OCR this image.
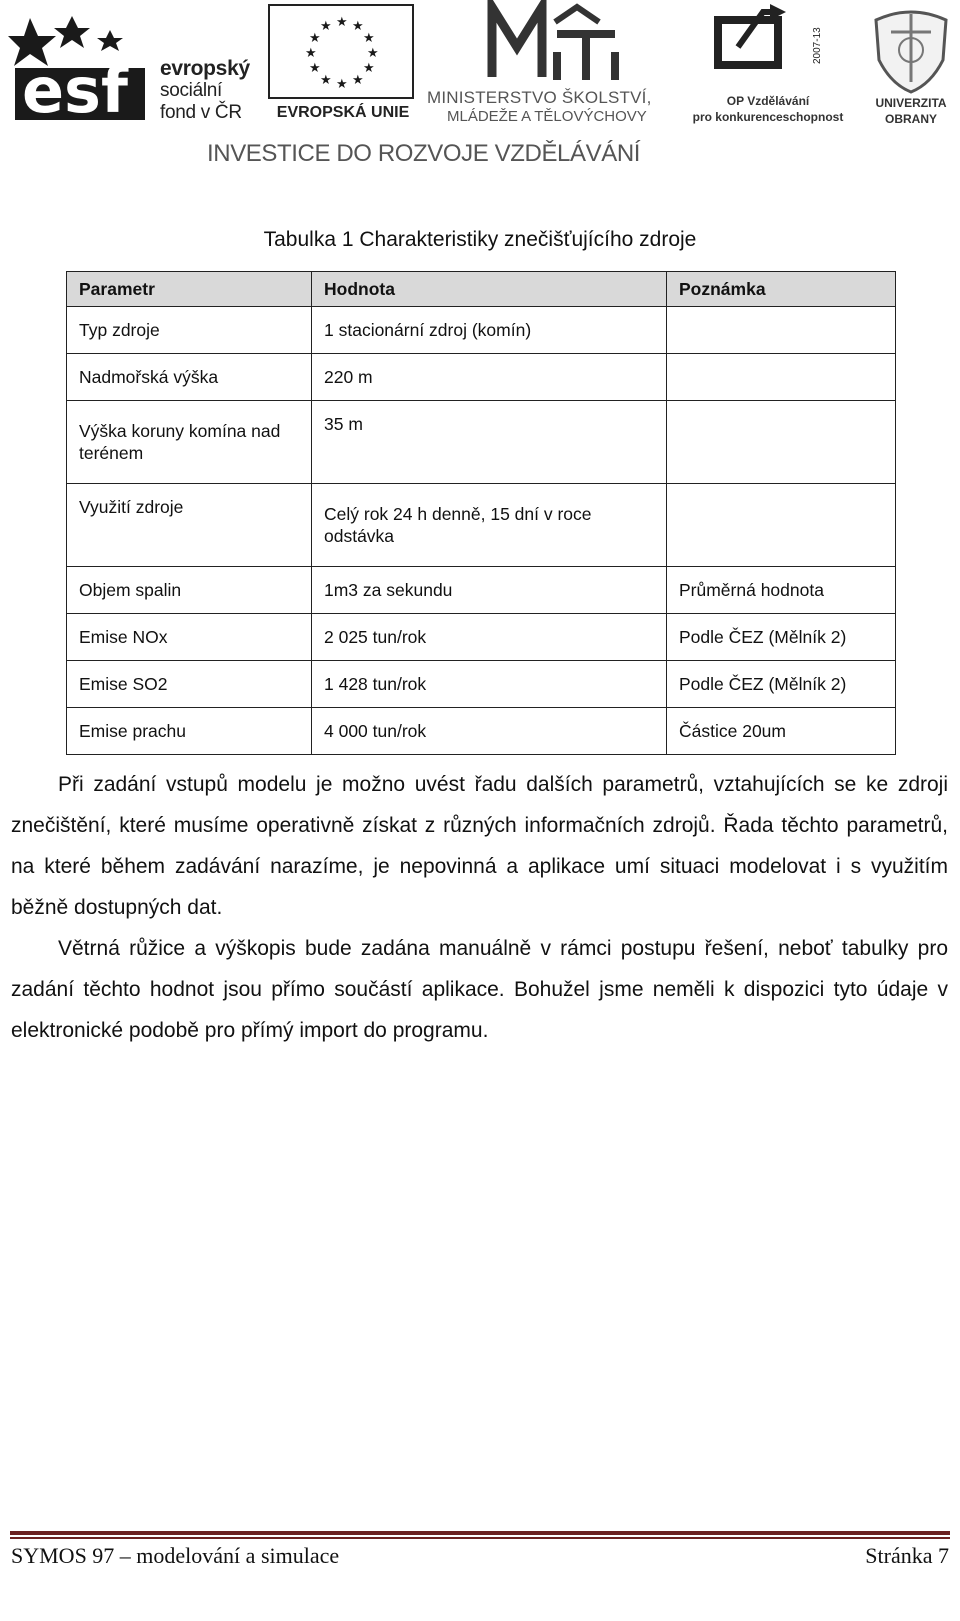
esf evropský
sociální
fond v ČR
★ ★
★
★
★
★
★
★
★
★
★
★
EVROPSKÁ UNIE
MINISTERSTVO ŠKOLSTVÍ,
MLÁDEŽE A TĚLOVÝCHOVY
2007-13
OP Vzdělávání
pro konkurenceschopnost
UNIVERZITA
OBRANY
INVESTICE DO ROZVOJE VZDĚLÁVÁNÍ
Tabulka 1 Charakteristiky znečišťujícího zdroje
Parametr	Hodnota	Poznámka
Typ zdroje	1 stacionární zdroj (komín)	
Nadmořská výška	220 m	
Výška koruny komína nad terénem	35 m	
Využití zdroje	Celý rok 24 h denně, 15 dní v roce odstávka	
Objem spalin	1m3 za sekundu	Průměrná hodnota
Emise NOx	2 025 tun/rok	Podle ČEZ (Mělník 2)
Emise SO2	1 428 tun/rok	Podle ČEZ (Mělník 2)
Emise prachu	4 000 tun/rok	Částice 20um

Při zadání vstupů modelu je možno uvést řadu dalších parametrů, vztahujících se ke zdroji znečištění, které musíme operativně získat z různých informačních zdrojů. Řada těchto parametrů, na které během zadávání narazíme, je nepovinná a aplikace umí situaci modelovat i s využitím běžně dostupných dat.

Větrná růžice a výškopis bude zadána manuálně v rámci postupu řešení, neboť tabulky pro zadání těchto hodnot jsou přímo součástí aplikace. Bohužel jsme neměli k dispozici tyto údaje v elektronické podobě pro přímý import do programu.

SYMOS 97 – modelování a simulace	Stránka 7
